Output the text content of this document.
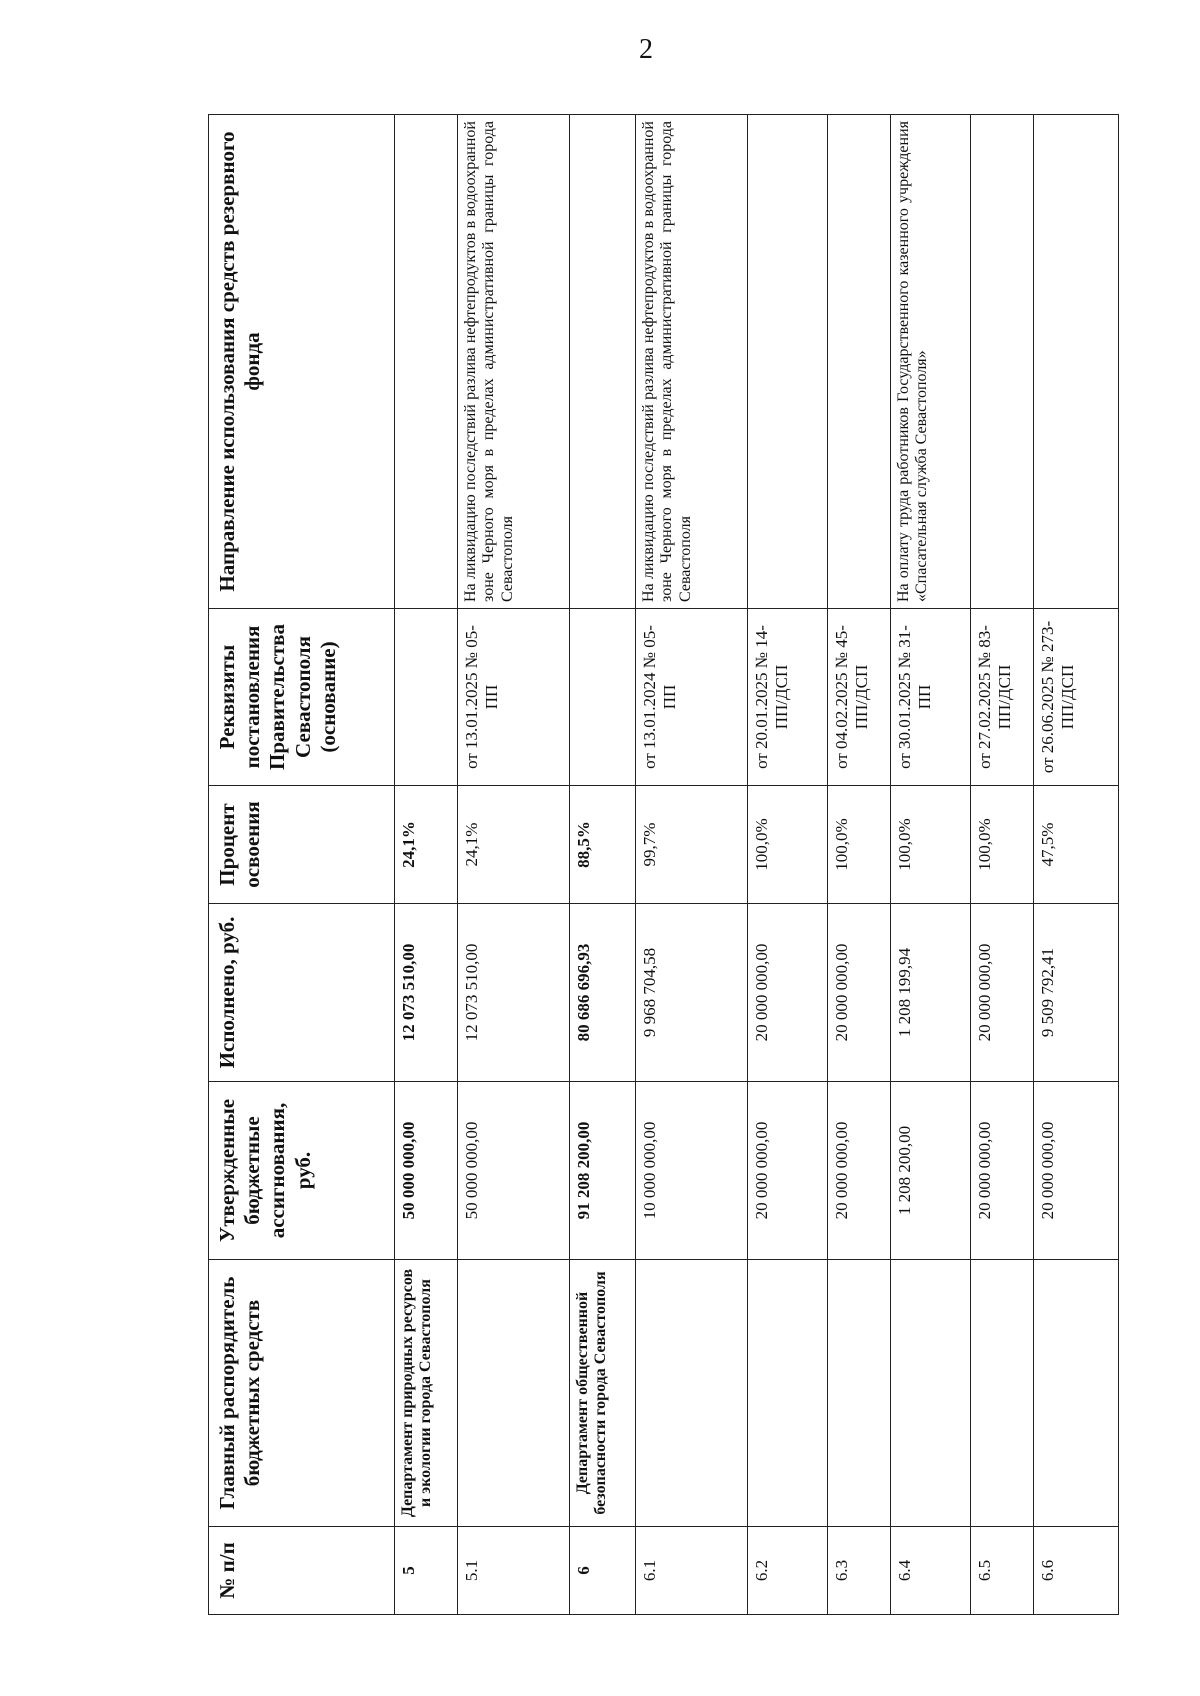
2
№ п/п	Главный распорядитель бюджетных средств	Утвержденные бюджетные ассигнования, руб.	Исполнено, руб.	Процент освоения	Реквизиты постановления Правительства Севастополя (основание)	Направление использования средств резервного фонда
5	Департамент природных ресурсов и экологии города Севастополя	50 000 000,00	12 073 510,00	24,1%		
5.1		50 000 000,00	12 073 510,00	24,1%	от 13.01.2025 № 05-ПП	На ликвидацию последствий разлива нефтепродуктов в водоохранной зоне Черного моря в пределах административной границы города Севастополя
6	Департамент общественной безопасности города Севастополя	91 208 200,00	80 686 696,93	88,5%		
6.1		10 000 000,00	9 968 704,58	99,7%	от 13.01.2024 № 05-ПП	На ликвидацию последствий разлива нефтепродуктов в водоохранной зоне Черного моря в пределах административной границы города Севастополя
6.2		20 000 000,00	20 000 000,00	100,0%	от 20.01.2025 № 14-ПП/ДСП	
6.3		20 000 000,00	20 000 000,00	100,0%	от 04.02.2025 № 45-ПП/ДСП	
6.4		1 208 200,00	1 208 199,94	100,0%	от 30.01.2025 № 31-ПП	На оплату труда работников Государственного казенного учреждения «Спасательная служба Севастополя»
6.5		20 000 000,00	20 000 000,00	100,0%	от 27.02.2025 № 83-ПП/ДСП	
6.6		20 000 000,00	9 509 792,41	47,5%	от 26.06.2025 № 273-ПП/ДСП	
